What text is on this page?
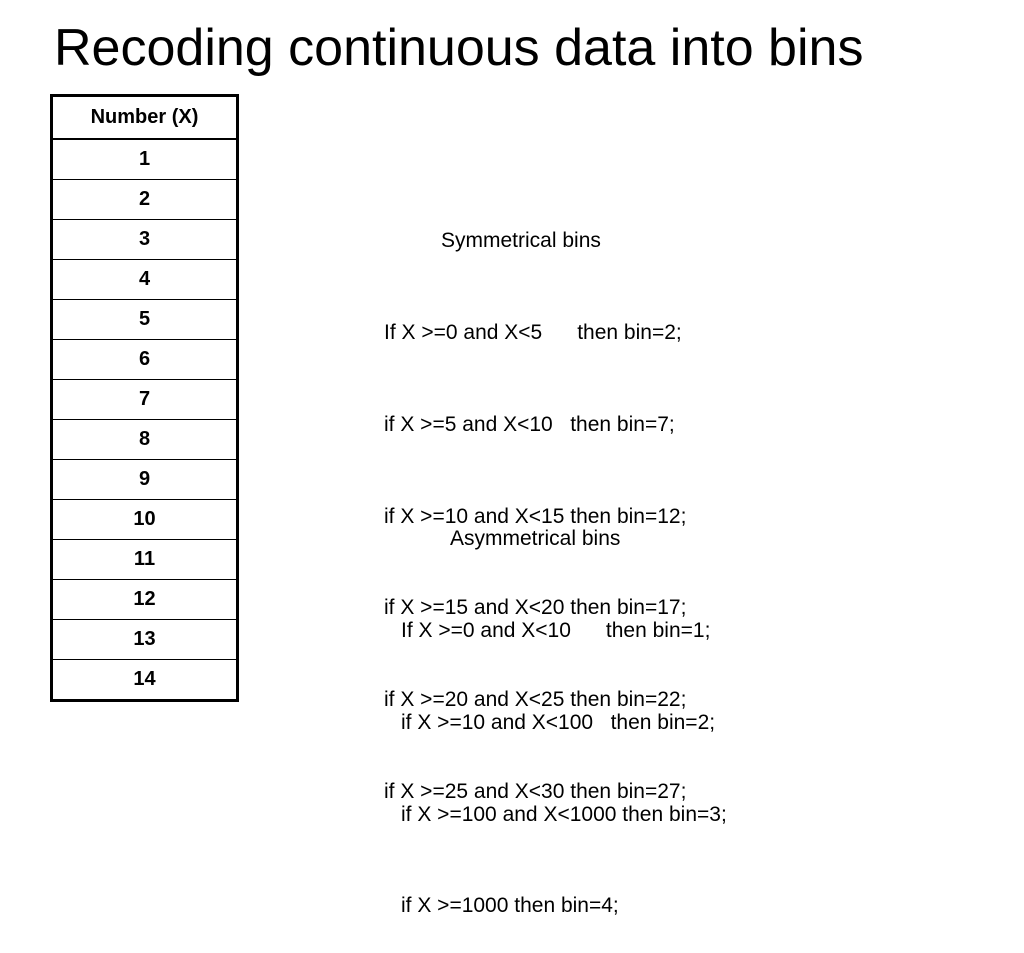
Recoding continuous data into bins
Number (X)
1
2
3
4
5
6
7
8
9
10
11
12
13
14

Symmetrical bins

If X >=0 and X<5      then bin=2;

if X >=5 and X<10   then bin=7;

if X >=10 and X<15 then bin=12;

if X >=15 and X<20 then bin=17;

if X >=20 and X<25 then bin=22;

if X >=25 and X<30 then bin=27;

Asymmetrical bins

If X >=0 and X<10      then bin=1;

if X >=10 and X<100   then bin=2;

if X >=100 and X<1000 then bin=3;

if X >=1000 then bin=4;
